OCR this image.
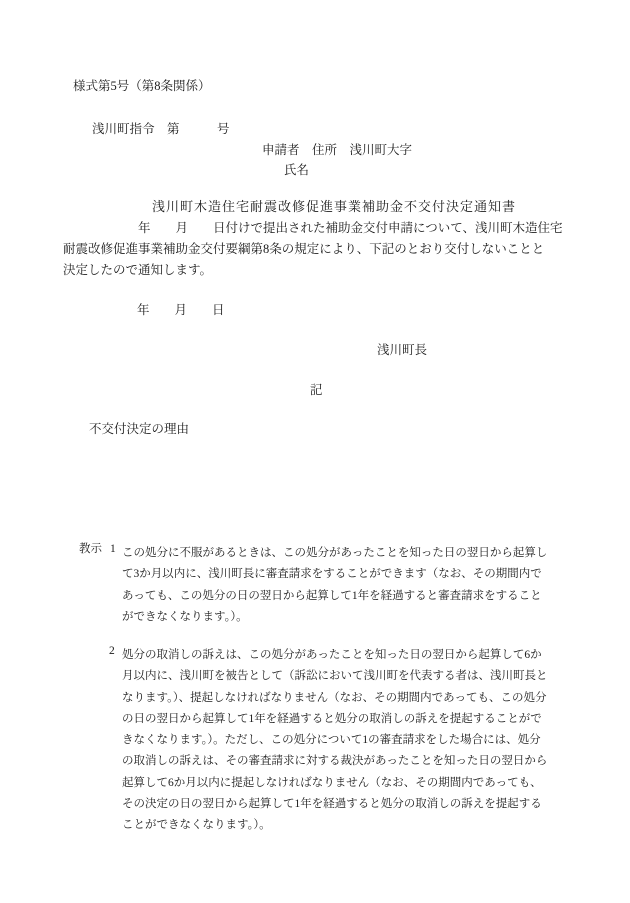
様式第5号（第8条関係）
浅川町指令　第　　　号
申請者　住所　浅川町大字
氏名
浅川町木造住宅耐震改修促進事業補助金不交付決定通知書
年　　月　　日付けで提出された補助金交付申請について、浅川町木造住宅
耐震改修促進事業補助金交付要綱第8条の規定により、下記のとおり交付しないことと
決定したので通知します。
年　　月　　日
浅川町長
記
不交付決定の理由
教示 1 この処分に不服があるときは、この処分があったことを知った日の翌日から起算し
て3か月以内に、浅川町長に審査請求をすることができます（なお、その期間内で
あっても、この処分の日の翌日から起算して1年を経過すると審査請求をすること
ができなくなります。）。
2 処分の取消しの訴えは、この処分があったことを知った日の翌日から起算して6か
月以内に、浅川町を被告として（訴訟において浅川町を代表する者は、浅川町長と
なります。）、提起しなければなりません（なお、その期間内であっても、この処分
の日の翌日から起算して1年を経過すると処分の取消しの訴えを提起することがで
きなくなります。）。ただし、この処分について1の審査請求をした場合には、処分
の取消しの訴えは、その審査請求に対する裁決があったことを知った日の翌日から
起算して6か月以内に提起しなければなりません（なお、その期間内であっても、
その決定の日の翌日から起算して1年を経過すると処分の取消しの訴えを提起する
ことができなくなります。）。
